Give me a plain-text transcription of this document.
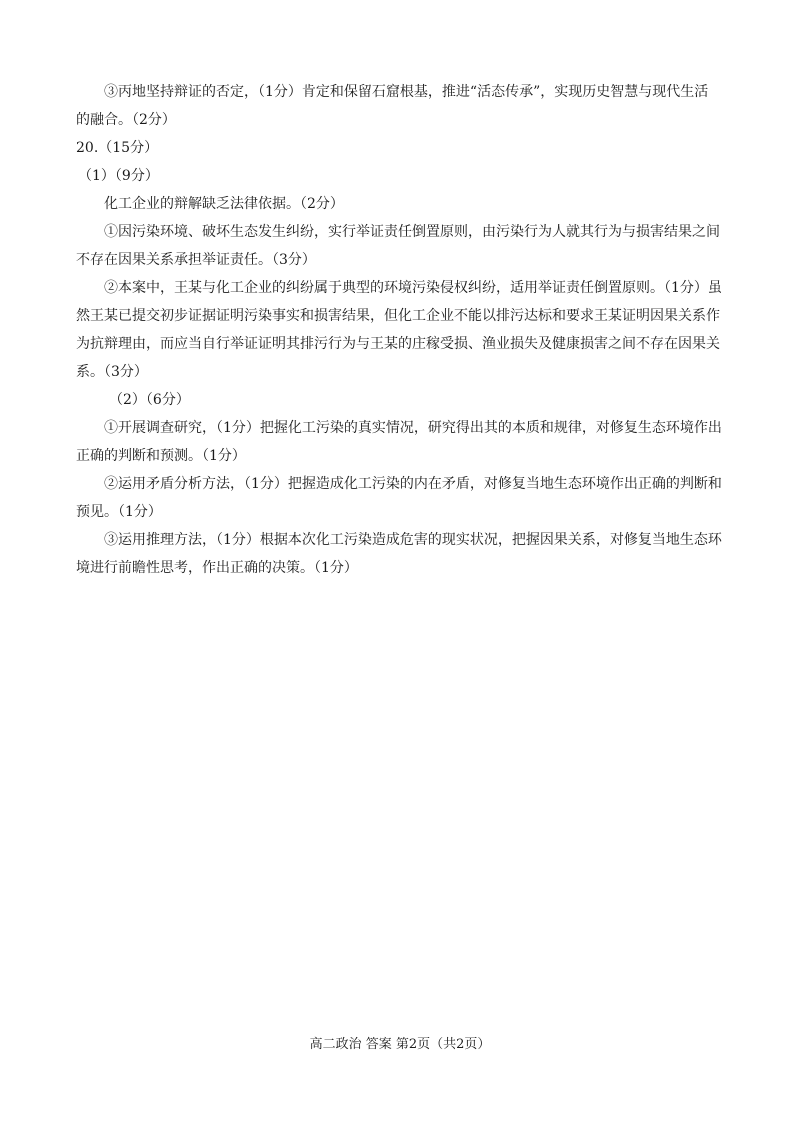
③丙地坚持辩证的否定，（1分）肯定和保留石窟根基，推进“活态传承”，实现历史智慧与现代生活

的融合。（2分）

20.（15分）

（1）（9分）

化工企业的辩解缺乏法律依据。（2分）

①因污染环境、破坏生态发生纠纷，实行举证责任倒置原则，由污染行为人就其行为与损害结果之间

不存在因果关系承担举证责任。（3分）

②本案中，王某与化工企业的纠纷属于典型的环境污染侵权纠纷，适用举证责任倒置原则。（1分）虽

然王某已提交初步证据证明污染事实和损害结果，但化工企业不能以排污达标和要求王某证明因果关系作

为抗辩理由，而应当自行举证证明其排污行为与王某的庄稼受损、渔业损失及健康损害之间不存在因果关

系。（3分）

（2）（6分）

①开展调查研究，（1分）把握化工污染的真实情况，研究得出其的本质和规律，对修复生态环境作出

正确的判断和预测。（1分）

②运用矛盾分析方法，（1分）把握造成化工污染的内在矛盾，对修复当地生态环境作出正确的判断和

预见。（1分）

③运用推理方法，（1分）根据本次化工污染造成危害的现实状况，把握因果关系，对修复当地生态环

境进行前瞻性思考，作出正确的决策。（1分）

高二政治 答案 第2页（共2页）
